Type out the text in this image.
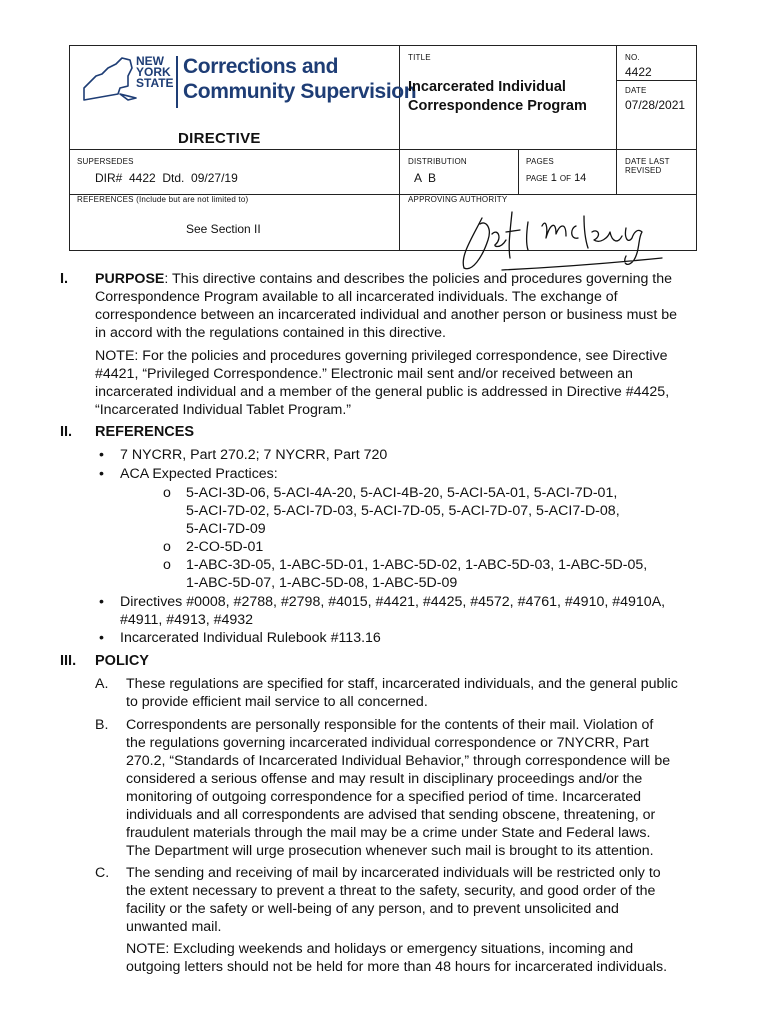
NEW
YORK
STATE
Corrections and
Community Supervision
DIRECTIVE
TITLE
Incarcerated Individual
Correspondence Program
NO.
4422
DATE
07/28/2021
SUPERSEDES
DIR#  4422  Dtd.  09/27/19
DISTRIBUTION
A  B
PAGES
PAGE 1 OF 14
DATE LAST REVISED
REFERENCES (Include but are not limited to)
See Section II
APPROVING AUTHORITY
I. PURPOSE: This directive contains and describes the policies and procedures governing the
Correspondence Program available to all incarcerated individuals. The exchange of
correspondence between an incarcerated individual and another person or business must be
in accord with the regulations contained in this directive.
NOTE: For the policies and procedures governing privileged correspondence, see Directive
#4421, “Privileged Correspondence.” Electronic mail sent and/or received between an
incarcerated individual and a member of the general public is addressed in Directive #4425,
“Incarcerated Individual Tablet Program.”
II. REFERENCES
• 7 NYCRR, Part 270.2; 7 NYCRR, Part 720
• ACA Expected Practices:
o 5-ACI-3D-06, 5-ACI-4A-20, 5-ACI-4B-20, 5-ACI-5A-01, 5-ACI-7D-01,
5-ACI-7D-02, 5-ACI-7D-03, 5-ACI-7D-05, 5-ACI-7D-07, 5-ACI7-D-08,
5-ACI-7D-09
o 2-CO-5D-01
o 1-ABC-3D-05, 1-ABC-5D-01, 1-ABC-5D-02, 1-ABC-5D-03, 1-ABC-5D-05,
1-ABC-5D-07, 1-ABC-5D-08, 1-ABC-5D-09
• Directives #0008, #2788, #2798, #4015, #4421, #4425, #4572, #4761, #4910, #4910A,
#4911, #4913, #4932
• Incarcerated Individual Rulebook #113.16
III. POLICY
A. These regulations are specified for staff, incarcerated individuals, and the general public
to provide efficient mail service to all concerned.
B. Correspondents are personally responsible for the contents of their mail. Violation of
the regulations governing incarcerated individual correspondence or 7NYCRR, Part
270.2, “Standards of Incarcerated Individual Behavior,” through correspondence will be
considered a serious offense and may result in disciplinary proceedings and/or the
monitoring of outgoing correspondence for a specified period of time. Incarcerated
individuals and all correspondents are advised that sending obscene, threatening, or
fraudulent materials through the mail may be a crime under State and Federal laws.
The Department will urge prosecution whenever such mail is brought to its attention.
C. The sending and receiving of mail by incarcerated individuals will be restricted only to
the extent necessary to prevent a threat to the safety, security, and good order of the
facility or the safety or well-being of any person, and to prevent unsolicited and
unwanted mail.
NOTE: Excluding weekends and holidays or emergency situations, incoming and
outgoing letters should not be held for more than 48 hours for incarcerated individuals.
